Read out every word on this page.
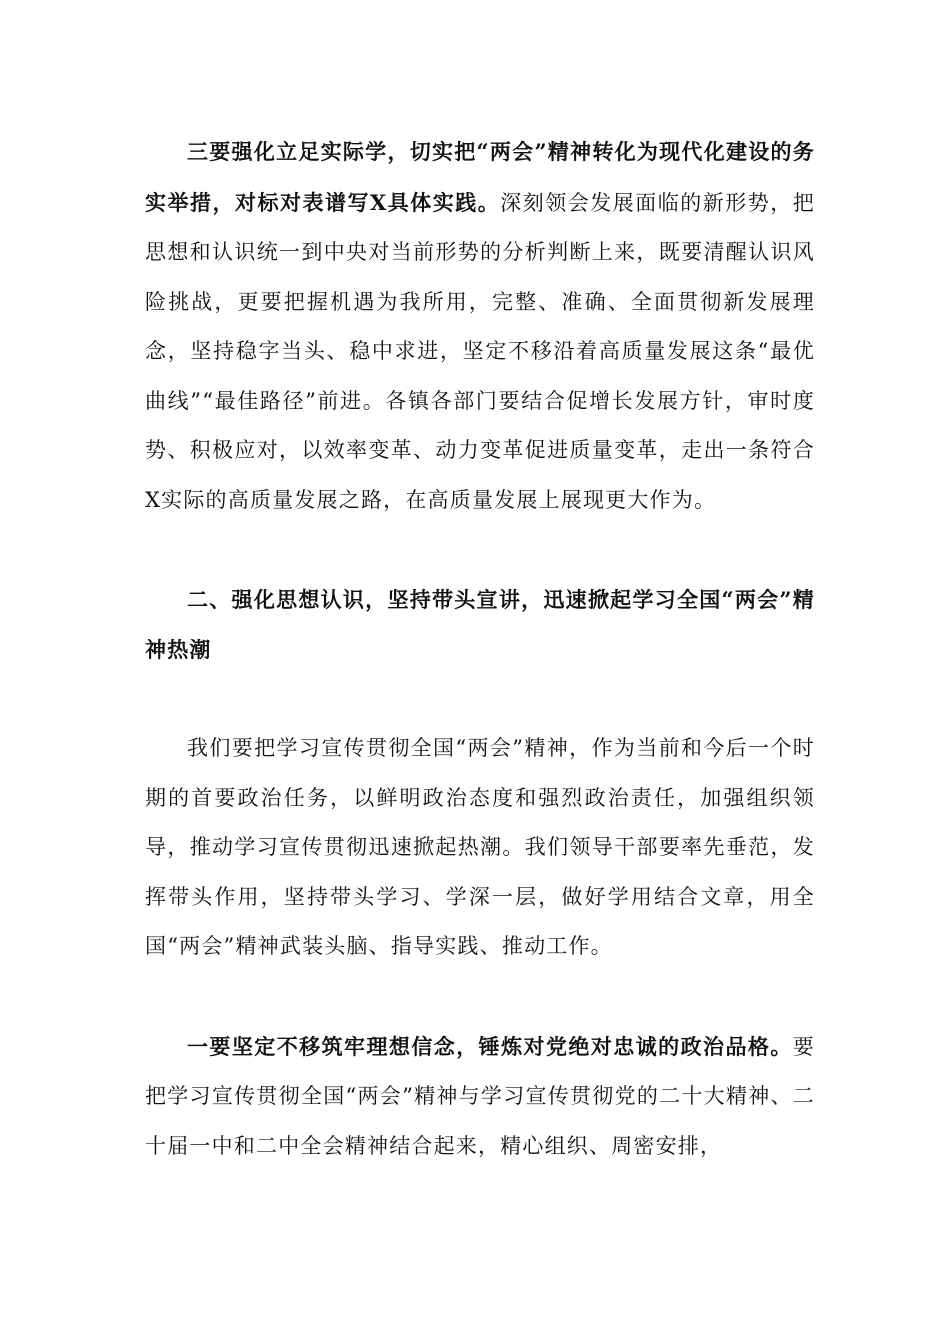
三要强化立足实际学，切实把“两会”精神转化为现代化建设的务实举措，对标对表谱写X具体实践。深刻领会发展面临的新形势，把思想和认识统一到中央对当前形势的分析判断上来，既要清醒认识风险挑战，更要把握机遇为我所用，完整、准确、全面贯彻新发展理念，坚持稳字当头、稳中求进，坚定不移沿着高质量发展这条“最优曲线”“最佳路径”前进。各镇各部门要结合促增长发展方针，审时度势、积极应对，以效率变革、动力变革促进质量变革，走出一条符合X实际的高质量发展之路，在高质量发展上展现更大作为。

二、强化思想认识，坚持带头宣讲，迅速掀起学习全国“两会”精神热潮

我们要把学习宣传贯彻全国“两会”精神，作为当前和今后一个时期的首要政治任务，以鲜明政治态度和强烈政治责任，加强组织领导，推动学习宣传贯彻迅速掀起热潮。我们领导干部要率先垂范，发挥带头作用，坚持带头学习、学深一层，做好学用结合文章，用全国“两会”精神武装头脑、指导实践、推动工作。

一要坚定不移筑牢理想信念，锤炼对党绝对忠诚的政治品格。要把学习宣传贯彻全国“两会”精神与学习宣传贯彻党的二十大精神、二十届一中和二中全会精神结合起来，精心组织、周密安排，
